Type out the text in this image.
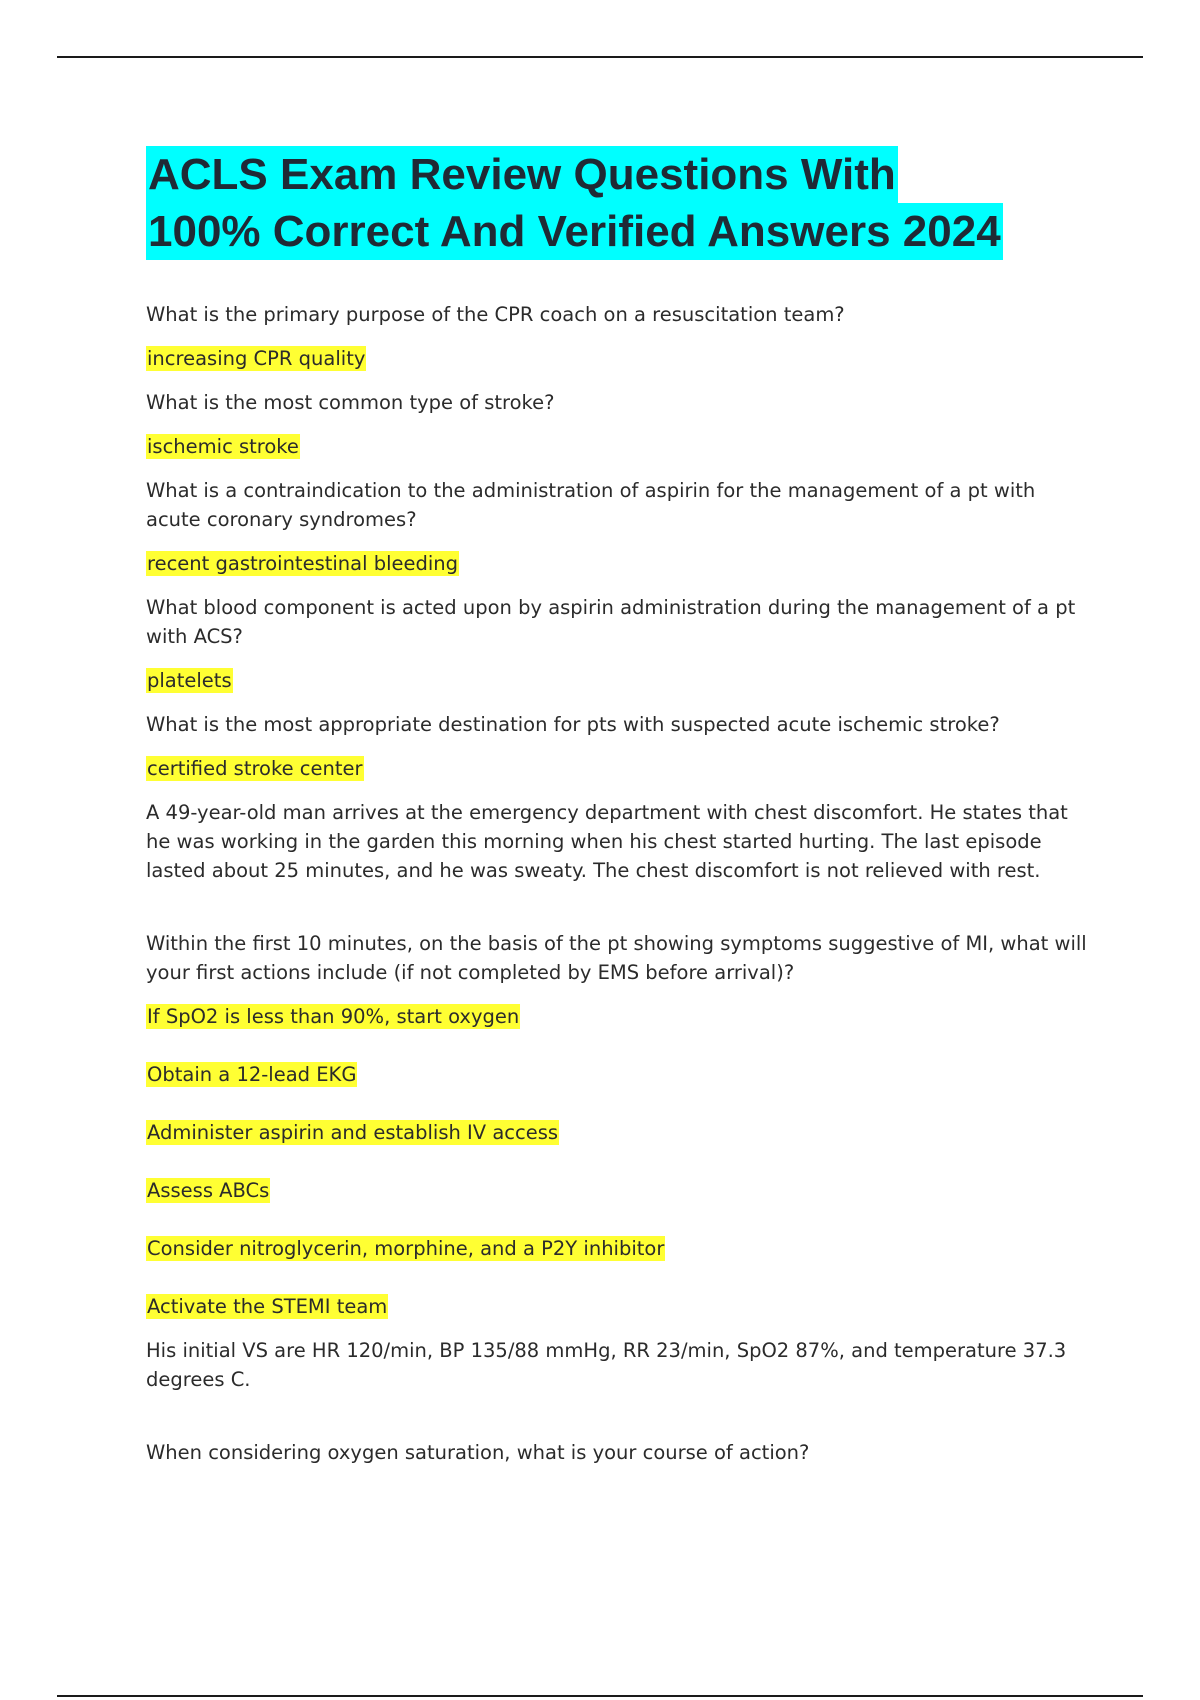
ACLS Exam Review Questions With
100% Correct And Verified Answers 2024

What is the primary purpose of the CPR coach on a resuscitation team?

increasing CPR quality

What is the most common type of stroke?

ischemic stroke

What is a contraindication to the administration of aspirin for the management of a pt with acute coronary syndromes?

recent gastrointestinal bleeding

What blood component is acted upon by aspirin administration during the management of a pt with ACS?

platelets

What is the most appropriate destination for pts with suspected acute ischemic stroke?

certified stroke center

A 49-year-old man arrives at the emergency department with chest discomfort. He states that he was working in the garden this morning when his chest started hurting. The last episode lasted about 25 minutes, and he was sweaty. The chest discomfort is not relieved with rest.

Within the first 10 minutes, on the basis of the pt showing symptoms suggestive of MI, what will your first actions include (if not completed by EMS before arrival)?

If SpO2 is less than 90%, start oxygen

Obtain a 12-lead EKG

Administer aspirin and establish IV access

Assess ABCs

Consider nitroglycerin, morphine, and a P2Y inhibitor

Activate the STEMI team

His initial VS are HR 120/min, BP 135/88 mmHg, RR 23/min, SpO2 87%, and temperature 37.3 degrees C.

When considering oxygen saturation, what is your course of action?
